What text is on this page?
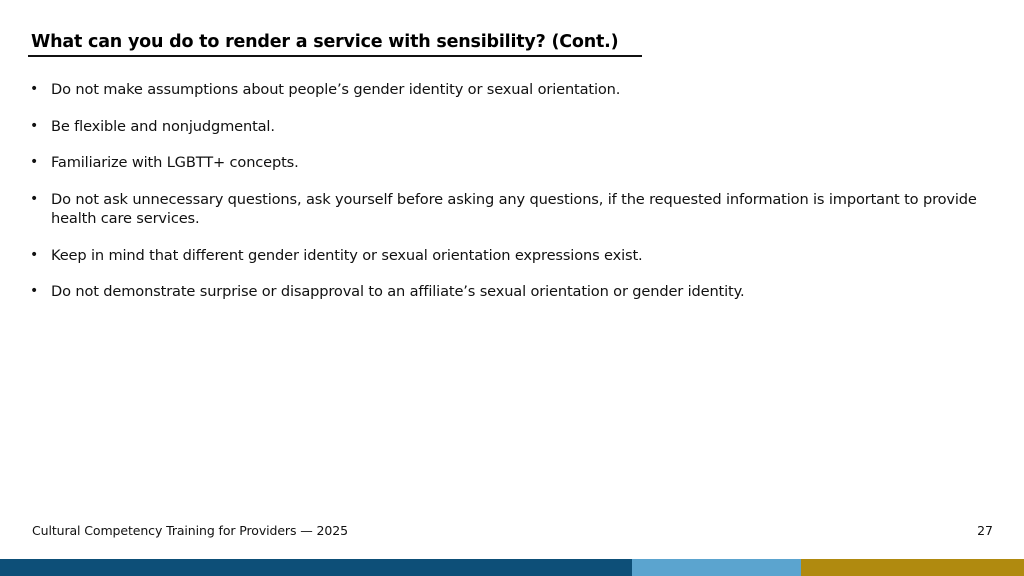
What can you do to render a service with sensibility? (Cont.)
• Do not make assumptions about people’s gender identity or sexual orientation.
• Be flexible and nonjudgmental.
• Familiarize with LGBTT+ concepts.
• Do not ask unnecessary questions, ask yourself before asking any questions, if the requested information is important to provide health care services.
• Keep in mind that different gender identity or sexual orientation expressions exist.
• Do not demonstrate surprise or disapproval to an affiliate’s sexual orientation or gender identity.
Cultural Competency Training for Providers — 2025	27
